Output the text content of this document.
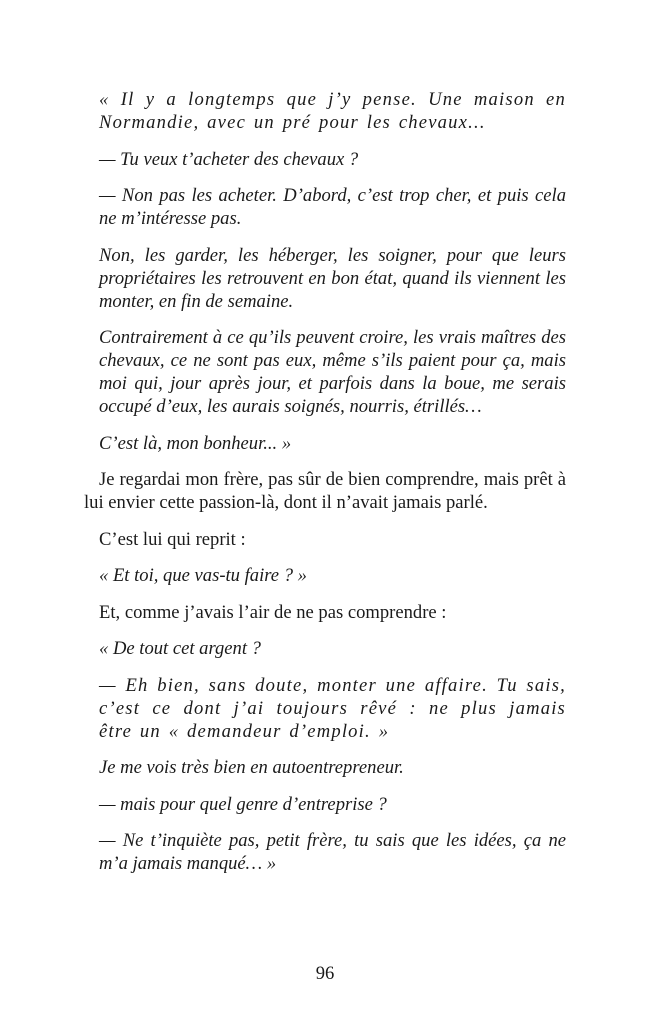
« Il y a longtemps que j’y pense. Une maison en Normandie, avec un pré pour les chevaux...

— Tu veux t’acheter des chevaux ?

— Non pas les acheter. D’abord, c’est trop cher, et puis cela ne m’intéresse pas.

Non, les garder, les héberger, les soigner, pour que leurs propriétaires les retrouvent en bon état, quand ils viennent les monter, en fin de semaine.

Contrairement à ce qu’ils peuvent croire, les vrais maîtres des chevaux, ce ne sont pas eux, même s’ils paient pour ça, mais moi qui, jour après jour, et parfois dans la boue, me serais occupé d’eux, les aurais soignés, nourris, étrillés…

C’est là, mon bonheur... »

Je regardai mon frère, pas sûr de bien comprendre, mais prêt à lui envier cette passion-là, dont il n’avait jamais parlé.

C’est lui qui reprit :

« Et toi, que vas-tu faire ? »

Et, comme j’avais l’air de ne pas comprendre :

« De tout cet argent ?

— Eh bien, sans doute, monter une affaire. Tu sais, c’est ce dont j’ai toujours rêvé : ne plus jamais être un « demandeur d’emploi. »

Je me vois très bien en autoentrepreneur.

— mais pour quel genre d’entreprise ?

— Ne t’inquiète pas, petit frère, tu sais que les idées, ça ne m’a jamais manqué… »

96
